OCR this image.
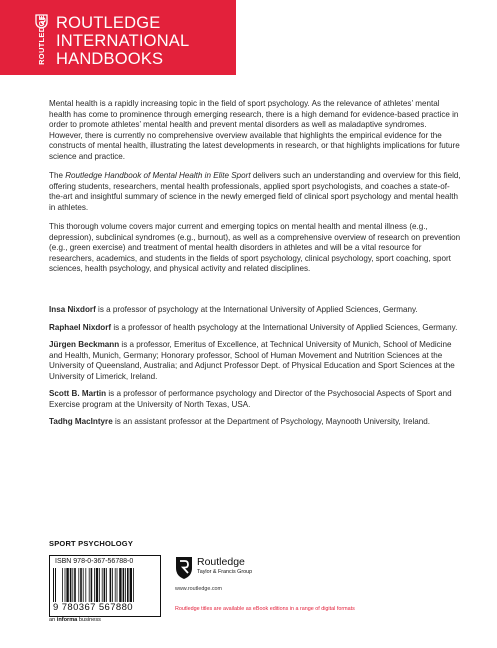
ROUTLEDGE ROUTLEDGE
INTERNATIONAL
HANDBOOKS

Mental health is a rapidly increasing topic in the field of sport psychology. As the relevance of athletes’ mental health has come to prominence through emerging research, there is a high demand for evidence-based practice in order to promote athletes’ mental health and prevent mental disorders as well as maladaptive syndromes. However, there is currently no comprehensive overview available that highlights the empirical evidence for the constructs of mental health, illustrating the latest developments in research, or that highlights implications for future science and practice.

The Routledge Handbook of Mental Health in Elite Sport delivers such an understanding and overview for this field, offering students, researchers, mental health professionals, applied sport psychologists, and coaches a state-of-the-art and insightful summary of science in the newly emerged field of clinical sport psychology and mental health in athletes.

This thorough volume covers major current and emerging topics on mental health and mental illness (e.g., depression), subclinical syndromes (e.g., burnout), as well as a comprehensive overview of research on prevention (e.g., green exercise) and treatment of mental health disorders in athletes and will be a vital resource for researchers, academics, and students in the fields of sport psychology, clinical psychology, sport coaching, sport sciences, health psychology, and physical activity and related disciplines.

Insa Nixdorf is a professor of psychology at the International University of Applied Sciences, Germany.

Raphael Nixdorf is a professor of health psychology at the International University of Applied Sciences, Germany.

Jürgen Beckmann is a professor, Emeritus of Excellence, at Technical University of Munich, School of Medicine and Health, Munich, Germany; Honorary professor, School of Human Movement and Nutrition Sciences at the University of Queensland, Australia; and Adjunct Professor Dept. of Physical Education and Sport Sciences at the University of Limerick, Ireland.

Scott B. Martin is a professor of performance psychology and Director of the Psychosocial Aspects of Sport and Exercise program at the University of North Texas, USA.

Tadhg MacIntyre is an assistant professor at the Department of Psychology, Maynooth University, Ireland.

SPORT PSYCHOLOGY
ISBN 978-0-367-56788-0
9 780367 567880
an informa business
Routledge
Taylor & Francis Group
www.routledge.com
Routledge titles are available as eBook editions in a range of digital formats
